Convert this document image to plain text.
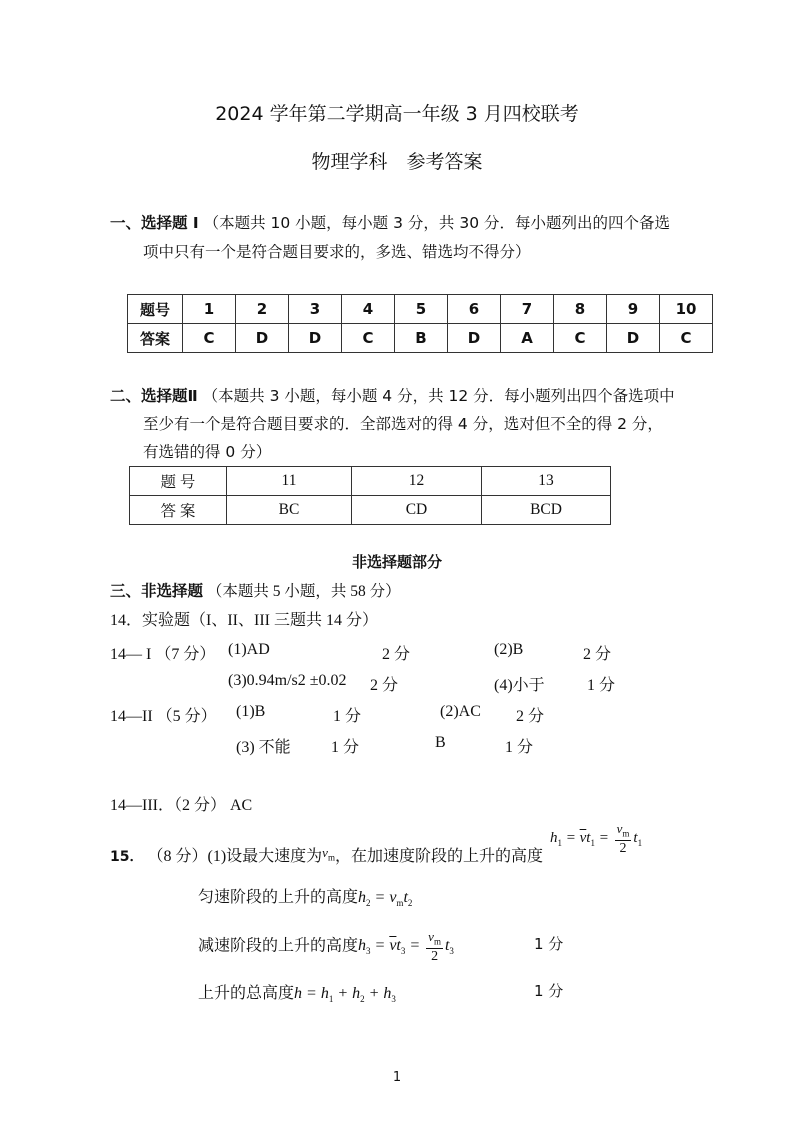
2024 学年第二学期高一年级 3 月四校联考
物理学科　参考答案
一、选择题 Ⅰ （本题共 10 小题，每小题 3 分，共 30 分．每小题列出的四个备选
项中只有一个是符合题目要求的，多选、错选均不得分）
题号	1	2	3	4	5	6	7	8	9	10
答案	C	D	D	C	B	D	A	C	D	C
二、选择题Ⅱ （本题共 3 小题，每小题 4 分，共 12 分．每小题列出四个备选项中
至少有一个是符合题目要求的．全部选对的得 4 分，选对但不全的得 2 分，
有选错的得 0 分）
题 号	11	12	13
答 案	BC	CD	BCD
非选择题部分
三、非选择题 （本题共 5 小题，共 58 分）
14．实验题（I、II、III 三题共 14 分）
14— I （7 分） (1)AD	2 分	(2)B	2 分
(3)0.94m/s2 ±0.02 2 分	(4)小于	1 分
14—II （5 分） (1)B	1 分	(2)AC 2 分
(3) 不能	1 分	B	1 分
14—III．（2 分） AC
15． （8 分）(1)设最大速度为$^{v_m}$，在加速度阶段的上升的高度
$h_1 = \overline{v}t_1 = \frac{v_m}{2} t_1$
匀速阶段的上升的高度$h_2 = v_mt_2$
减速阶段的上升的高度$h_3 = \overline{v}t_3 = \frac{v_m}{2} t_3$	1 分
上升的总高度$h = h_1 + h_2 + h_3$	1 分
1
